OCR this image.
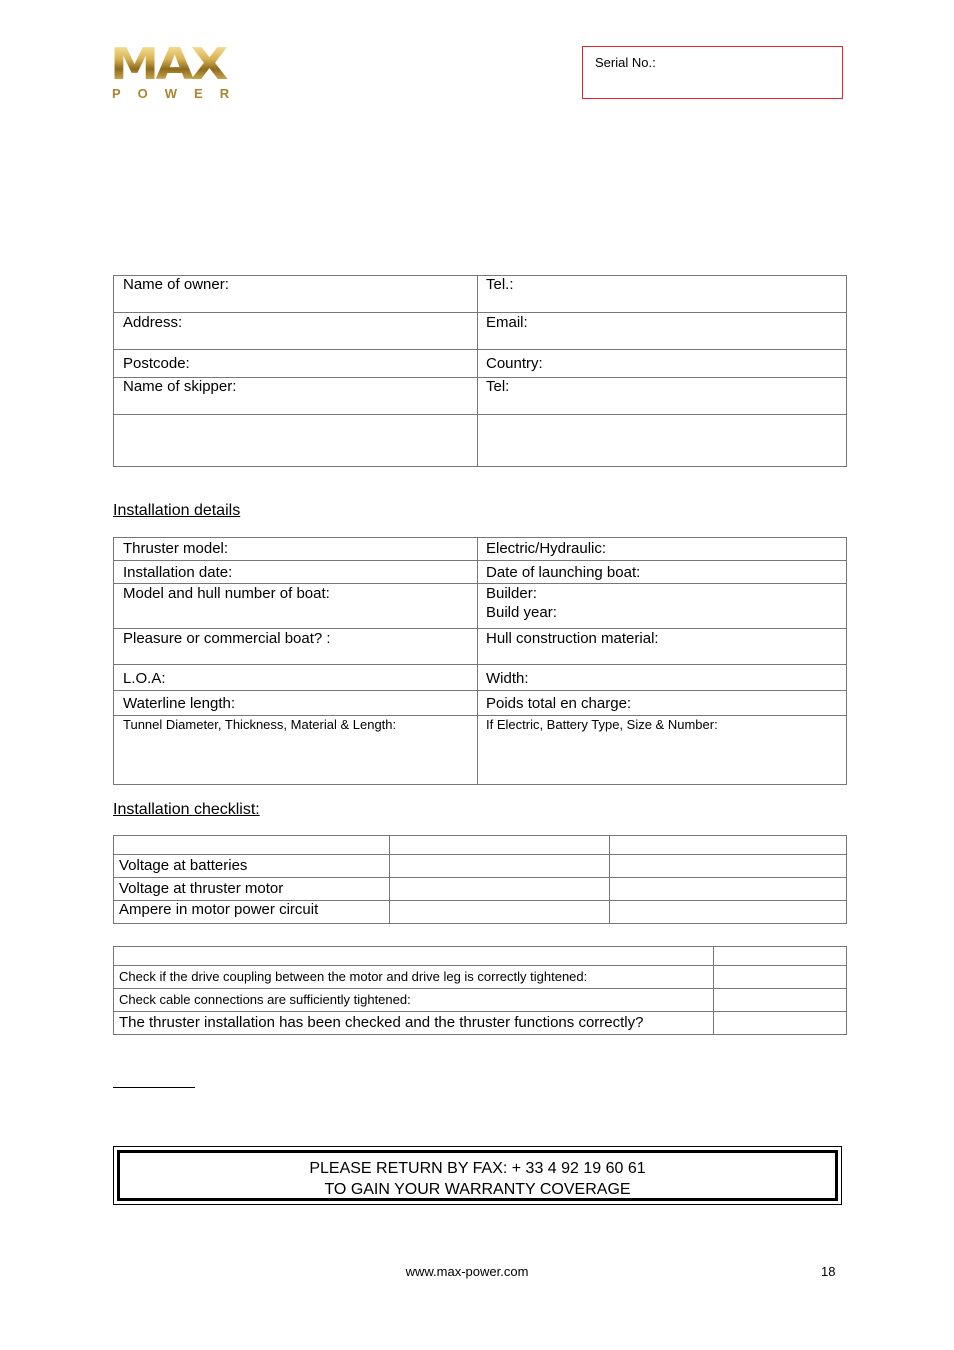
MAX
POWER
Serial No.:
Name of owner:	Tel.:
Address:	Email:
Postcode:	Country:
Name of skipper:	Tel:
Installation details
Thruster model:	Electric/Hydraulic:
Installation date:	Date of launching boat:
Model and hull number of boat:	Builder:
Build year:
Pleasure or commercial boat? :	Hull construction material:
L.O.A:	Width:
Waterline length:	Poids total en charge:
Tunnel Diameter, Thickness, Material & Length:	If Electric, Battery Type, Size & Number:
Installation checklist:
Voltage at batteries
Voltage at thruster motor
Ampere in motor power circuit
Check if the drive coupling between the motor and drive leg is correctly tightened:
Check cable connections are sufficiently tightened:
The thruster installation has been checked and the thruster functions correctly?
PLEASE RETURN BY FAX: + 33 4 92 19 60 61
TO GAIN YOUR WARRANTY COVERAGE
www.max-power.com	18
